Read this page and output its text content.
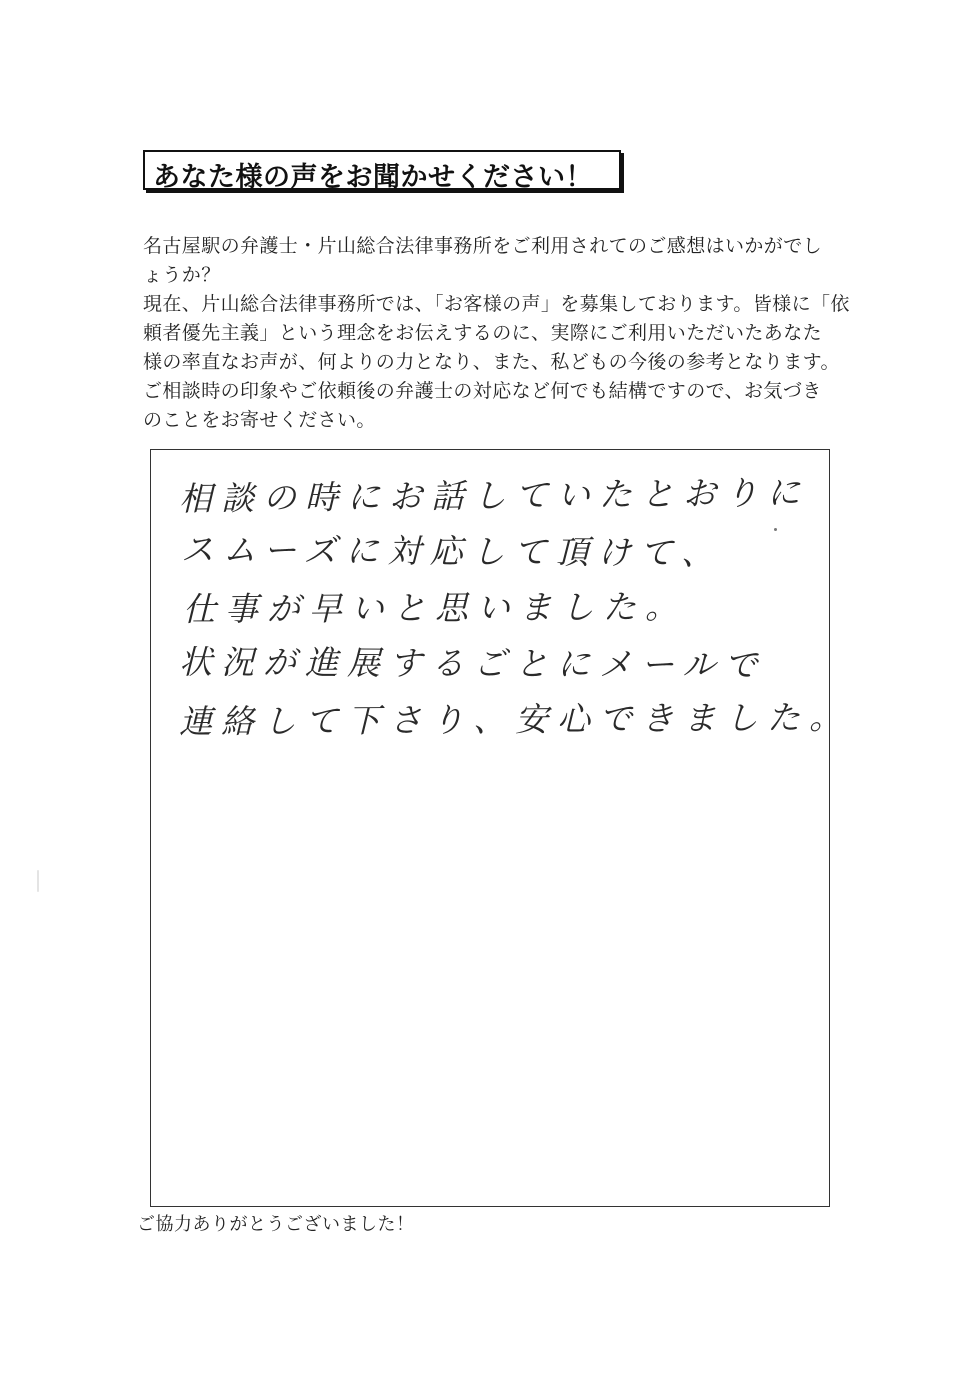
あなた様の声をお聞かせください！
名古屋駅の弁護士・片山総合法律事務所をご利用されてのご感想はいかがでし
ょうか？
現在、片山総合法律事務所では、「お客様の声」を募集しております。皆様に「依
頼者優先主義」という理念をお伝えするのに、実際にご利用いただいたあなた
様の率直なお声が、何よりの力となり、また、私どもの今後の参考となります。
ご相談時の印象やご依頼後の弁護士の対応など何でも結構ですので、お気づき
のことをお寄せください。
相談の時にお話していたとおりに
スムーズに対応して頂けて、
仕事が早いと思いました。
状況が進展するごとにメールで
連絡して下さり、安心できました。
ご協力ありがとうございました！
